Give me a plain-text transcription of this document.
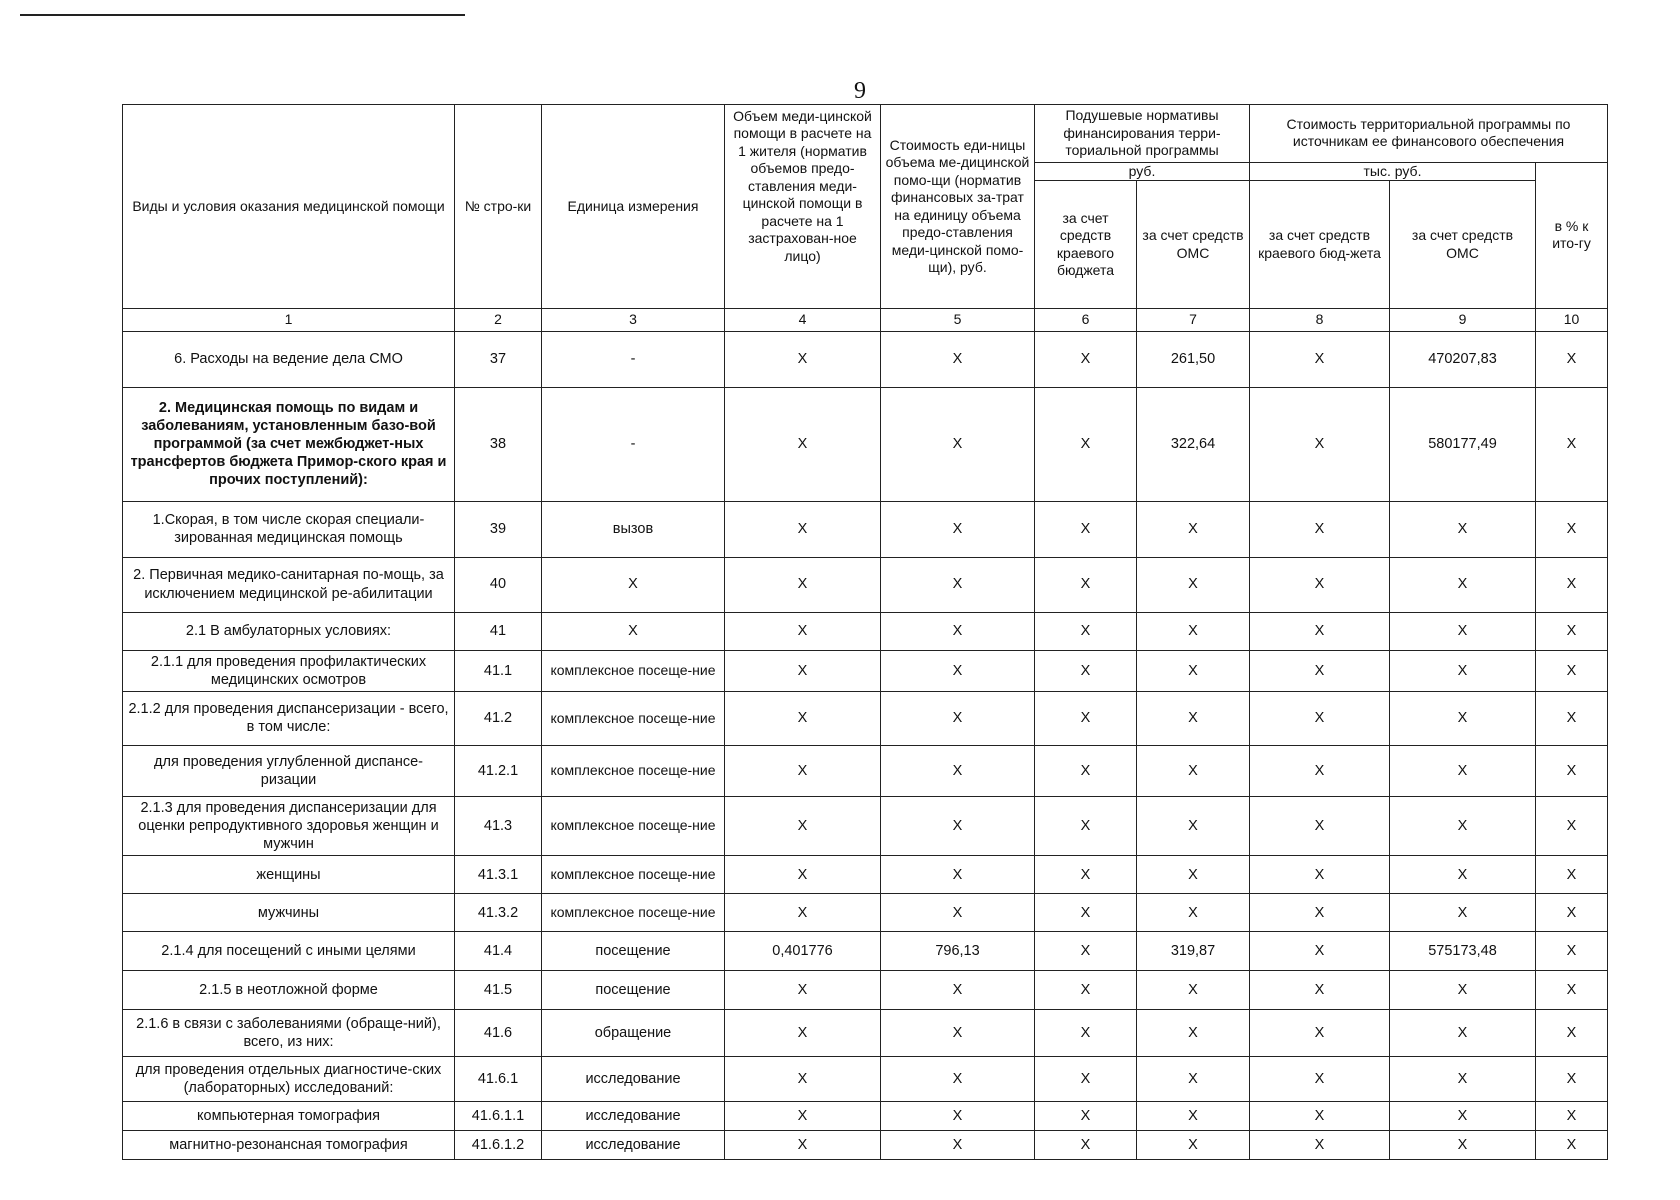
9
Виды и условия оказания медицинской помощи	№ стро-ки	Единица измерения	Объем меди-цинской помощи в расчете на 1 жителя (норматив объемов предо-ставления меди-цинской помощи в расчете на 1 застрахован-ное лицо)	Стоимость еди-ницы объема ме-дицинской помо-щи (норматив финансовых за-трат на единицу объема предо-ставления меди-цинской помо-щи), руб.	Подушевые нормативы финансирования терри-ториальной программы		Стоимость территориальной программы по источникам ее финансового обеспечения		
					руб.		тыс. руб.		в % к ито-гу
					за счет средств краевого бюджета	за счет средств ОМС	за счет средств краевого бюд-жета	за счет средств ОМС	
1	2	3	4	5	6	7	8	9	10
6. Расходы на ведение дела СМО	37	-	Х	Х	Х	261,50	Х	470207,83	Х
2. Медицинская помощь по видам и заболеваниям, установленным базо-вой программой (за счет межбюджет-ных трансфертов бюджета Примор-ского края и прочих поступлений):	38	-	Х	Х	Х	322,64	Х	580177,49	Х
1.Скорая, в том числе скорая специали-зированная медицинская помощь	39	вызов	Х	Х	Х	Х	Х	Х	Х
2. Первичная медико-санитарная по-мощь, за исключением медицинской ре-абилитации	40	Х	Х	Х	Х	Х	Х	Х	Х
2.1 В амбулаторных условиях:	41	Х	Х	Х	Х	Х	Х	Х	Х
2.1.1 для проведения профилактических медицинских осмотров	41.1	комплексное посеще-ние	Х	Х	Х	Х	Х	Х	Х
2.1.2 для проведения диспансеризации - всего, в том числе:	41.2	комплексное посеще-ние	Х	Х	Х	Х	Х	Х	Х
для проведения углубленной диспансе-ризации	41.2.1	комплексное посеще-ние	Х	Х	Х	Х	Х	Х	Х
2.1.3 для проведения диспансеризации для оценки репродуктивного здоровья женщин и мужчин	41.3	комплексное посеще-ние	Х	Х	Х	Х	Х	Х	Х
женщины	41.3.1	комплексное посеще-ние	Х	Х	Х	Х	Х	Х	Х
мужчины	41.3.2	комплексное посеще-ние	Х	Х	Х	Х	Х	Х	Х
2.1.4 для посещений с иными целями	41.4	посещение	0,401776	796,13	Х	319,87	Х	575173,48	Х
2.1.5 в неотложной форме	41.5	посещение	Х	Х	Х	Х	Х	Х	Х
2.1.6 в связи с заболеваниями (обраще-ний), всего, из них:	41.6	обращение	Х	Х	Х	Х	Х	Х	Х
для проведения отдельных диагностиче-ских (лабораторных) исследований:	41.6.1	исследование	Х	Х	Х	Х	Х	Х	Х
компьютерная томография	41.6.1.1	исследование	Х	Х	Х	Х	Х	Х	Х
магнитно-резонансная томография	41.6.1.2	исследование	Х	Х	Х	Х	Х	Х	Х
